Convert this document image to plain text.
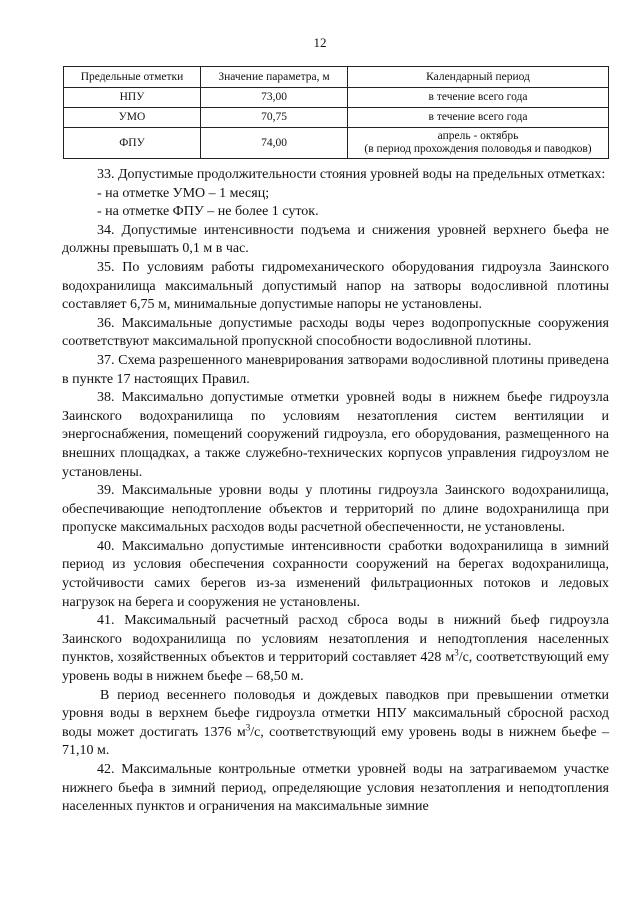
12
Предельные отметки	Значение параметра, м	Календарный период
НПУ	73,00	в течение всего года
УМО	70,75	в течение всего года
ФПУ	74,00	апрель - октябрь
(в период прохождения половодья и паводков)

33. Допустимые продолжительности стояния уровней воды на предельных отметках:

- на отметке УМО – 1 месяц;

- на отметке ФПУ – не более 1 суток.

34. Допустимые интенсивности подъема и снижения уровней верхнего бьефа не должны превышать 0,1 м в час.

35. По условиям работы гидромеханического оборудования гидроузла Заинского водохранилища максимальный допустимый напор на затворы водосливной плотины составляет 6,75 м, минимальные допустимые напоры не установлены.

36. Максимальные допустимые расходы воды через водопропускные сооружения соответствуют максимальной пропускной способности водосливной плотины.

37. Схема разрешенного маневрирования затворами водосливной плотины приведена в пункте 17 настоящих Правил.

38. Максимально допустимые отметки уровней воды в нижнем бьефе гидроузла Заинского водохранилища по условиям незатопления систем вентиляции и энергоснабжения, помещений сооружений гидроузла, его оборудования, размещенного на внешних площадках, а также служебно-технических корпусов управления гидроузлом не установлены.

39. Максимальные уровни воды у плотины гидроузла Заинского водохранилища, обеспечивающие неподтопление объектов и территорий по длине водохранилища при пропуске максимальных расходов воды расчетной обеспеченности, не установлены.

40. Максимально допустимые интенсивности сработки водохранилища в зимний период из условия обеспечения сохранности сооружений на берегах водохранилища, устойчивости самих берегов из-за изменений фильтрационных потоков и ледовых нагрузок на берега и сооружения не установлены.

41. Максимальный расчетный расход сброса воды в нижний бьеф гидроузла Заинского водохранилища по условиям незатопления и неподтопления населенных пунктов, хозяйственных объектов и территорий составляет 428 $м^3/с$, соответствующий ему уровень воды в нижнем бьефе – 68,50 м.

В период весеннего половодья и дождевых паводков при превышении отметки уровня воды в верхнем бьефе гидроузла отметки НПУ максимальный сбросной расход воды может достигать 1376 $м^3/с$, соответствующий ему уровень воды в нижнем бьефе – 71,10 м.

42. Максимальные контрольные отметки уровней воды на затрагиваемом участке нижнего бьефа в зимний период, определяющие условия незатопления и неподтопления населенных пунктов и ограничения на максимальные зимние
